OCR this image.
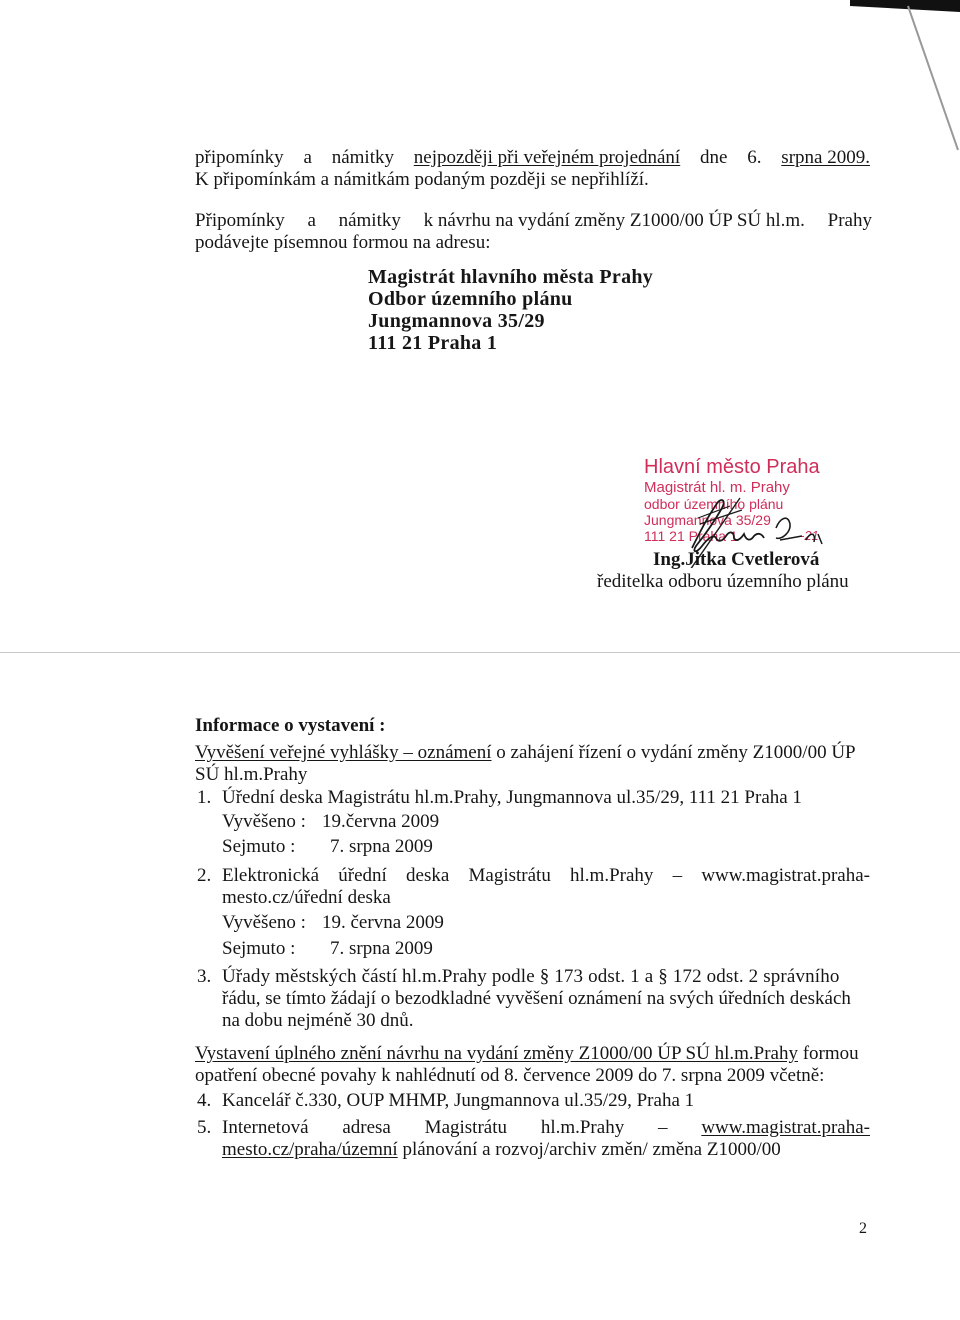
připomínky a námitky nejpozději při veřejném projednání dne 6. srpna 2009.
K připomínkám a námitkám podaným později se nepřihlíží.
Připomínky a námitky k návrhu na vydání změny Z1000/00 ÚP SÚ hl.m. Prahy
podávejte písemnou formou na adresu:
Magistrát hlavního města Prahy
Odbor územního plánu
Jungmannova 35/29
111 21 Praha 1
Hlavní město Praha
Magistrát hl. m. Prahy
odbor územního plánu
Jungmannova 35/29
111 21 Praha 1	-21
Ing.Jitka Cvetlerová
ředitelka odboru územního plánu
Informace o vystavení :
Vyvěšení veřejné vyhlášky – oznámení o zahájení řízení o vydání změny Z1000/00 ÚP
SÚ hl.m.Prahy
1. Úřední deska Magistrátu hl.m.Prahy, Jungmannova ul.35/29, 111 21 Praha 1
Vyvěšeno : 19.června 2009
Sejmuto : 7. srpna 2009
2. Elektronická úřední deska Magistrátu hl.m.Prahy – www.magistrat.praha-
mesto.cz/úřední deska
Vyvěšeno : 19. června 2009
Sejmuto : 7. srpna 2009
3. Úřady městských částí hl.m.Prahy podle § 173 odst. 1 a § 172 odst. 2 správního
řádu, se tímto žádají o bezodkladné vyvěšení oznámení na svých úředních deskách
na dobu nejméně 30 dnů.
Vystavení úplného znění návrhu na vydání změny Z1000/00 ÚP SÚ hl.m.Prahy formou
opatření obecné povahy k nahlédnutí od 8. července 2009 do 7. srpna 2009 včetně:
4. Kancelář č.330, OUP MHMP, Jungmannova ul.35/29, Praha 1
5. Internetová adresa Magistrátu hl.m.Prahy – www.magistrat.praha-
mesto.cz/praha/územní plánování a rozvoj/archiv změn/ změna Z1000/00
2
